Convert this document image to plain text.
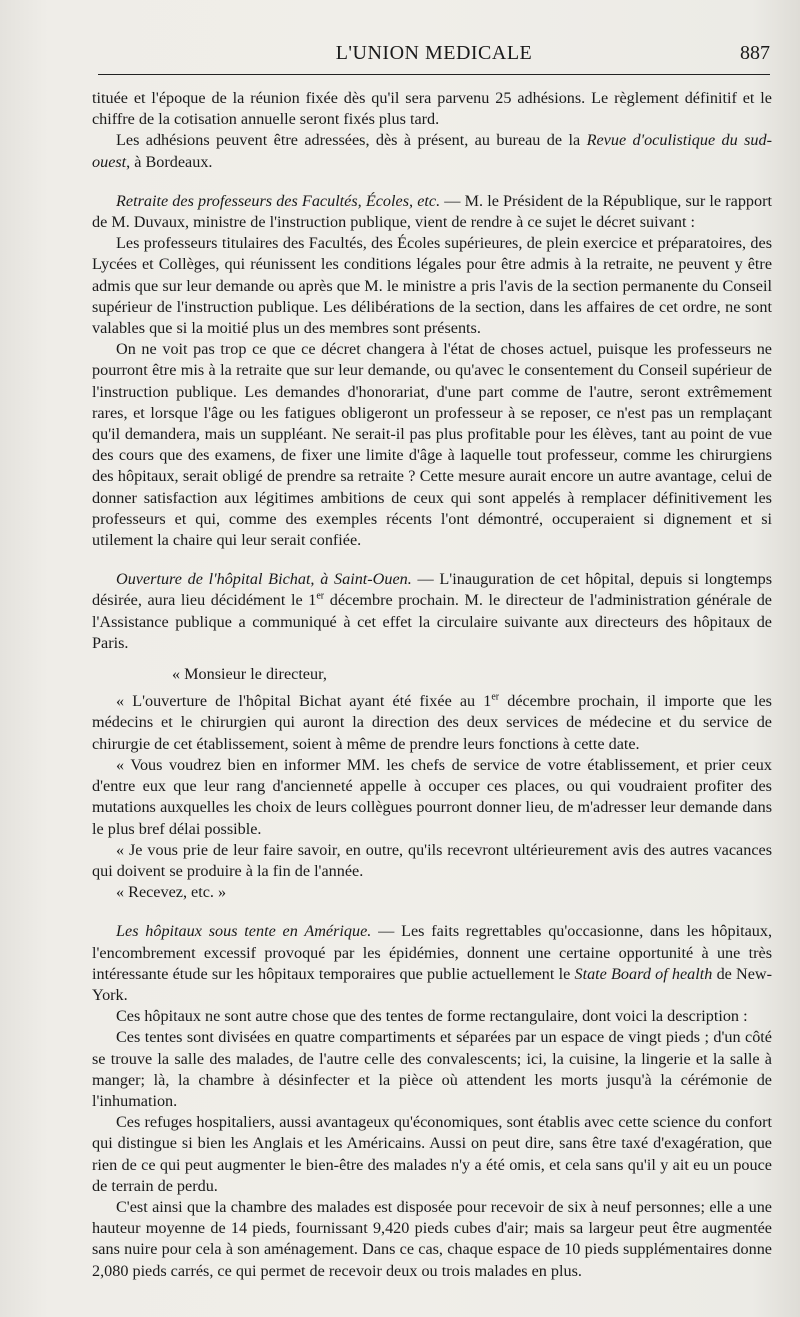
L'UNION MEDICALE	887

tituée et l'époque de la réunion fixée dès qu'il sera parvenu 25 adhésions. Le règlement définitif et le chiffre de la cotisation annuelle seront fixés plus tard.

Les adhésions peuvent être adressées, dès à présent, au bureau de la Revue d'oculistique du sud-ouest, à Bordeaux.

Retraite des professeurs des Facultés, Écoles, etc. — M. le Président de la République, sur le rapport de M. Duvaux, ministre de l'instruction publique, vient de rendre à ce sujet le décret suivant :

Les professeurs titulaires des Facultés, des Écoles supérieures, de plein exercice et préparatoires, des Lycées et Collèges, qui réunissent les conditions légales pour être admis à la retraite, ne peuvent y être admis que sur leur demande ou après que M. le ministre a pris l'avis de la section permanente du Conseil supérieur de l'instruction publique. Les délibérations de la section, dans les affaires de cet ordre, ne sont valables que si la moitié plus un des membres sont présents.

On ne voit pas trop ce que ce décret changera à l'état de choses actuel, puisque les professeurs ne pourront être mis à la retraite que sur leur demande, ou qu'avec le consentement du Conseil supérieur de l'instruction publique. Les demandes d'honorariat, d'une part comme de l'autre, seront extrêmement rares, et lorsque l'âge ou les fatigues obligeront un professeur à se reposer, ce n'est pas un remplaçant qu'il demandera, mais un suppléant. Ne serait-il pas plus profitable pour les élèves, tant au point de vue des cours que des examens, de fixer une limite d'âge à laquelle tout professeur, comme les chirurgiens des hôpitaux, serait obligé de prendre sa retraite ? Cette mesure aurait encore un autre avantage, celui de donner satisfaction aux légitimes ambitions de ceux qui sont appelés à remplacer définitivement les professeurs et qui, comme des exemples récents l'ont démontré, occuperaient si dignement et si utilement la chaire qui leur serait confiée.

Ouverture de l'hôpital Bichat, à Saint-Ouen. — L'inauguration de cet hôpital, depuis si longtemps désirée, aura lieu décidément le 1er décembre prochain. M. le directeur de l'administration générale de l'Assistance publique a communiqué à cet effet la circulaire suivante aux directeurs des hôpitaux de Paris.

« Monsieur le directeur,

« L'ouverture de l'hôpital Bichat ayant été fixée au 1er décembre prochain, il importe que les médecins et le chirurgien qui auront la direction des deux services de médecine et du service de chirurgie de cet établissement, soient à même de prendre leurs fonctions à cette date.

« Vous voudrez bien en informer MM. les chefs de service de votre établissement, et prier ceux d'entre eux que leur rang d'ancienneté appelle à occuper ces places, ou qui voudraient profiter des mutations auxquelles les choix de leurs collègues pourront donner lieu, de m'adresser leur demande dans le plus bref délai possible.

« Je vous prie de leur faire savoir, en outre, qu'ils recevront ultérieurement avis des autres vacances qui doivent se produire à la fin de l'année.

« Recevez, etc. »

Les hôpitaux sous tente en Amérique. — Les faits regrettables qu'occasionne, dans les hôpitaux, l'encombrement excessif provoqué par les épidémies, donnent une certaine opportunité à une très intéressante étude sur les hôpitaux temporaires que publie actuellement le State Board of health de New-York.

Ces hôpitaux ne sont autre chose que des tentes de forme rectangulaire, dont voici la description :

Ces tentes sont divisées en quatre compartiments et séparées par un espace de vingt pieds ; d'un côté se trouve la salle des malades, de l'autre celle des convalescents; ici, la cuisine, la lingerie et la salle à manger; là, la chambre à désinfecter et la pièce où attendent les morts jusqu'à la cérémonie de l'inhumation.

Ces refuges hospitaliers, aussi avantageux qu'économiques, sont établis avec cette science du confort qui distingue si bien les Anglais et les Américains. Aussi on peut dire, sans être taxé d'exagération, que rien de ce qui peut augmenter le bien-être des malades n'y a été omis, et cela sans qu'il y ait eu un pouce de terrain de perdu.

C'est ainsi que la chambre des malades est disposée pour recevoir de six à neuf personnes; elle a une hauteur moyenne de 14 pieds, fournissant 9,420 pieds cubes d'air; mais sa largeur peut être augmentée sans nuire pour cela à son aménagement. Dans ce cas, chaque espace de 10 pieds supplémentaires donne 2,080 pieds carrés, ce qui permet de recevoir deux ou trois malades en plus.
